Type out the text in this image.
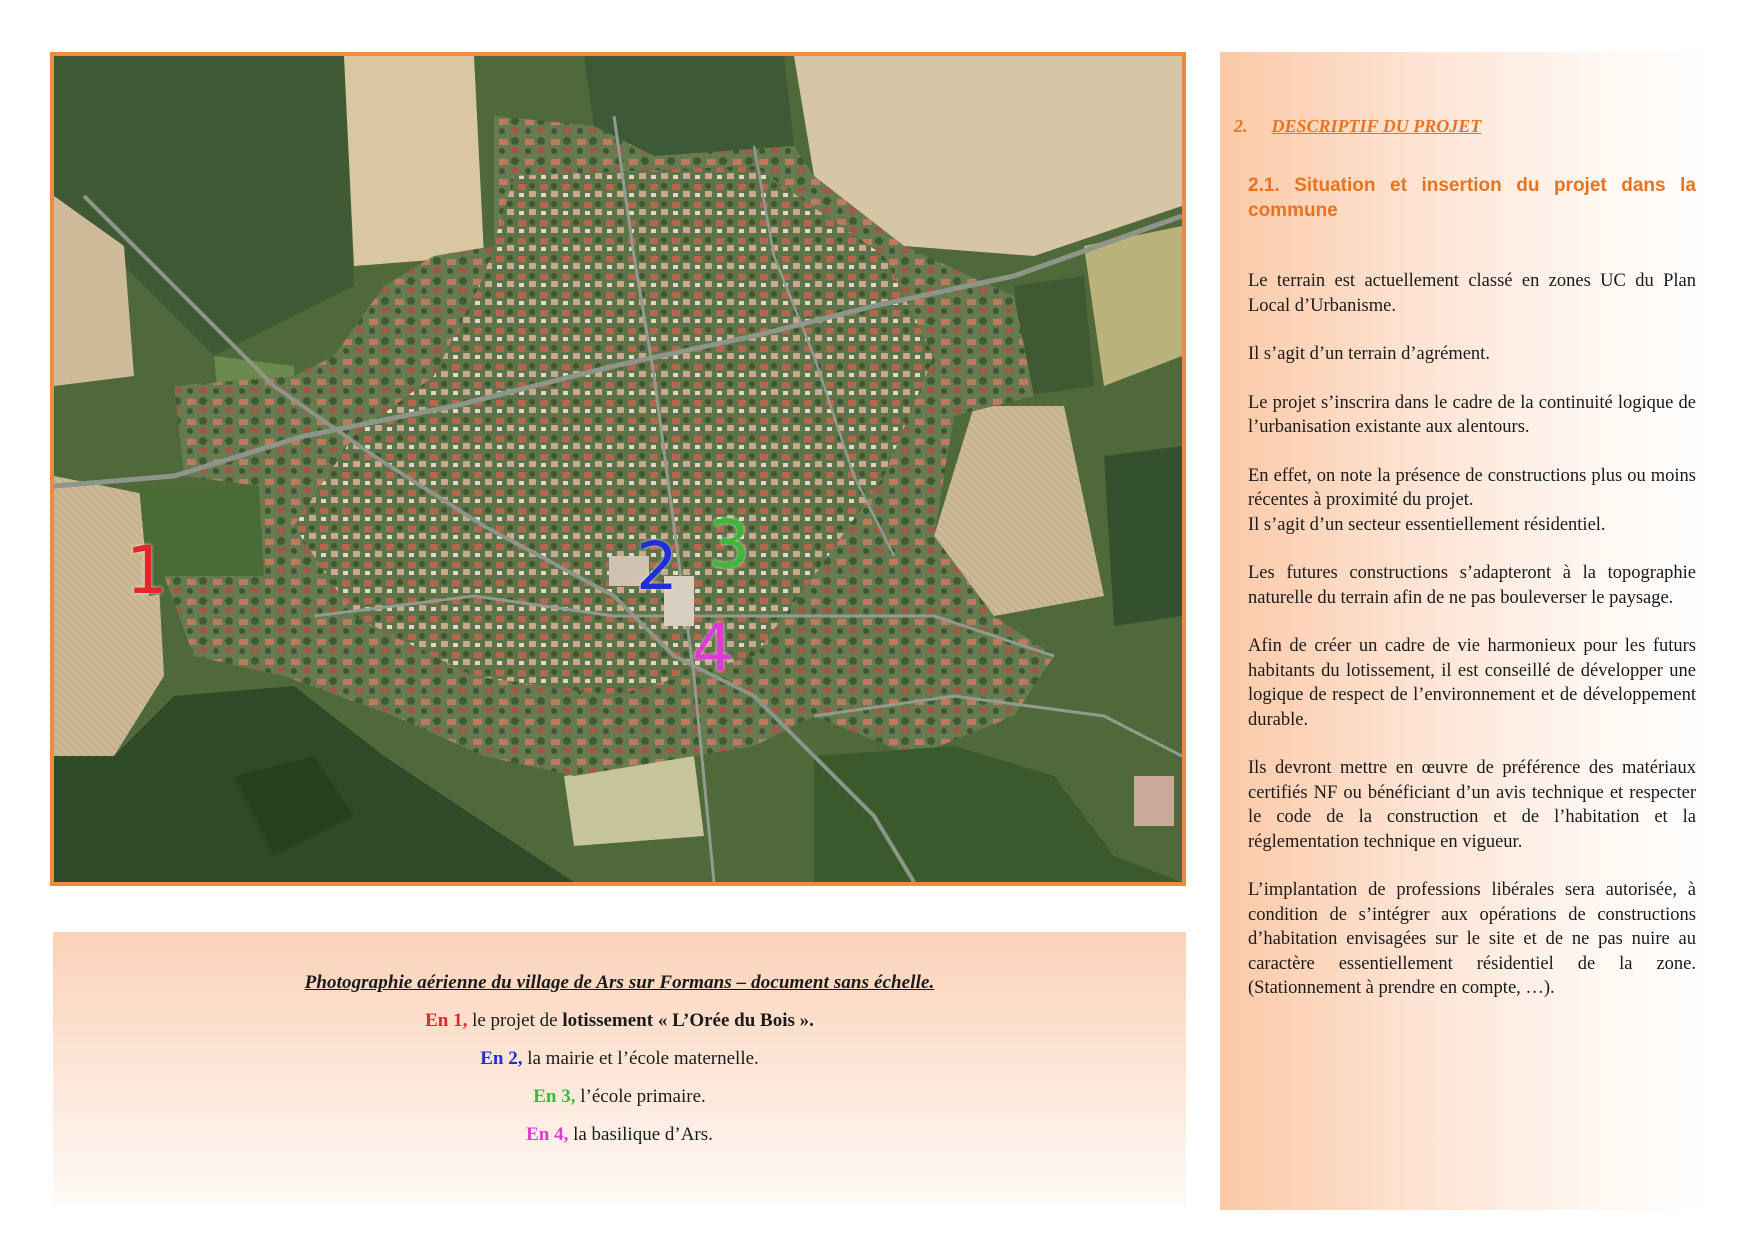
1	2 3
4
Photographie aérienne du village de Ars sur Formans – document sans échelle.
En 1, le projet de lotissement « L’Orée du Bois ».
En 2, la mairie et l’école maternelle.
En 3, l’école primaire.
En 4, la basilique d’Ars.
2. DESCRIPTIF DU PROJET
2.1. Situation et insertion du projet dans la commune

Le terrain est actuellement classé en zones UC du Plan Local d’Urbanisme.

Il s’agit d’un terrain d’agrément.

Le projet s’inscrira dans le cadre de la continuité logique de l’urbanisation existante aux alentours.

En effet, on note la présence de constructions plus ou moins récentes à proximité du projet.
Il s’agit d’un secteur essentiellement résidentiel.

Les futures constructions s’adapteront à la topographie naturelle du terrain afin de ne pas bouleverser le paysage.

Afin de créer un cadre de vie harmonieux pour les futurs habitants du lotissement, il est conseillé de développer une logique de respect de l’environnement et de développement durable.

Ils devront mettre en œuvre de préférence des matériaux certifiés NF ou bénéficiant d’un avis technique et respecter le code de la construction et de l’habitation et la réglementation technique en vigueur.

L’implantation de professions libérales sera autorisée, à condition de s’intégrer aux opérations de constructions d’habitation envisagées sur le site et de ne pas nuire au caractère essentiellement résidentiel de la zone. (Stationnement à prendre en compte, …).
